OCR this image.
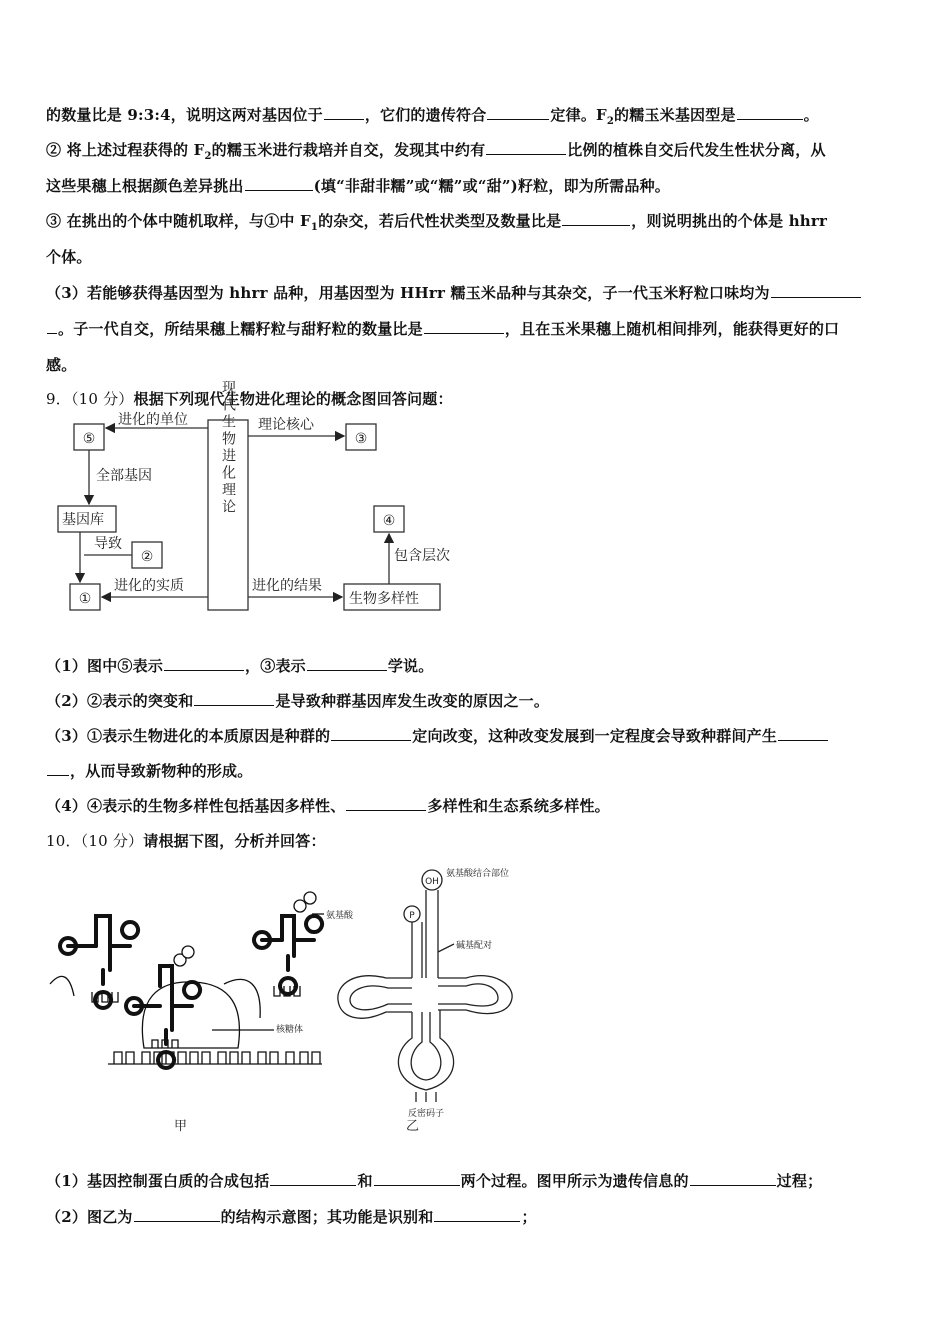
的数量比是 9:3:4，说明这两对基因位于	，它们的遗传符合	定律。$F_2$的糯玉米基因型是	。
② 将上述过程获得的 $F_2$的糯玉米进行栽培并自交，发现其中约有	比例的植株自交后代发生性状分离，从
这些果穗上根据颜色差异挑出	(填“非甜非糯”或“糯”或“甜”)籽粒，即为所需品种。
③ 在挑出的个体中随机取样，与①中 $F_1$的杂交，若后代性状类型及数量比是	，则说明挑出的个体是 hhrr
个体。
（3）若能够获得基因型为 hhrr 品种，用基因型为 HHrr 糯玉米品种与其杂交，子一代玉米籽粒口味均为
。子一代自交，所结果穗上糯籽粒与甜籽粒的数量比是	，且在玉米果穗上随机相间排列，能获得更好的口
感。
9．（10 分）根据下列现代生物进化理论的概念图回答问题：
⑤	③
④
②
①
进化的单位	理论核心
全部基因
基因库
导致
进化的实质	进化的结果
包含层次
生物多样性
现代生物进化理论
（1）图中⑤表示	，③表示	学说。
（2）②表示的突变和	是导致种群基因库发生改变的原因之一。
（3）①表示生物进化的本质原因是种群的	定向改变，这种改变发展到一定程度会导致种群间产生
，从而导致新物种的形成。
（4）④表示的生物多样性包括基因多样性、	多样性和生态系统多样性。
10．（10 分）请根据下图，分析并回答：
氨基酸
核糖体
甲
OH
P
氨基酸结合部位
碱基配对
反密码子
乙
（1）基因控制蛋白质的合成包括	和	两个过程。图甲所示为遗传信息的	过程；
（2）图乙为	的结构示意图；其功能是识别和	；
